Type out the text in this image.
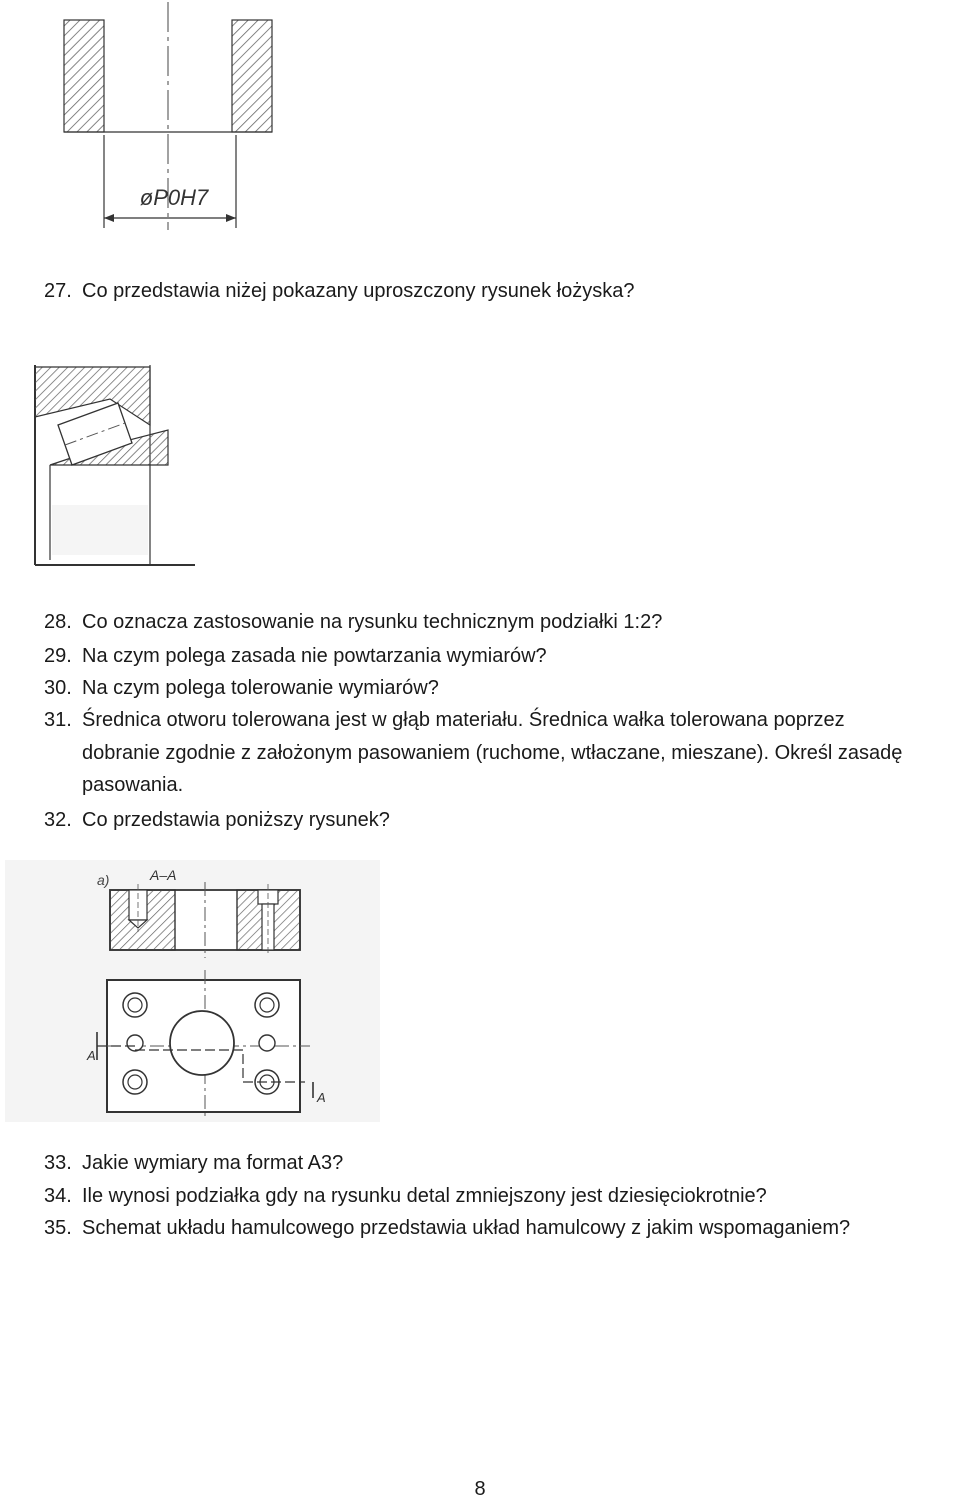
øP0H7
27. Co przedstawia niżej pokazany uproszczony rysunek łożyska?
28. Co oznacza zastosowanie na rysunku technicznym podziałki 1:2?
29. Na czym polega zasada nie powtarzania wymiarów?
30. Na czym polega tolerowanie wymiarów?
31. Średnica otworu tolerowana jest w głąb materiału. Średnica wałka tolerowana poprzez
dobranie zgodnie z założonym pasowaniem (ruchome, wtłaczane, mieszane). Określ zasadę
pasowania.
32. Co przedstawia poniższy rysunek?
a)	A–A
A
A
33. Jakie wymiary ma format A3?
34. Ile wynosi podziałka gdy na rysunku detal zmniejszony jest dziesięciokrotnie?
35. Schemat układu hamulcowego przedstawia układ hamulcowy z jakim wspomaganiem?
8
